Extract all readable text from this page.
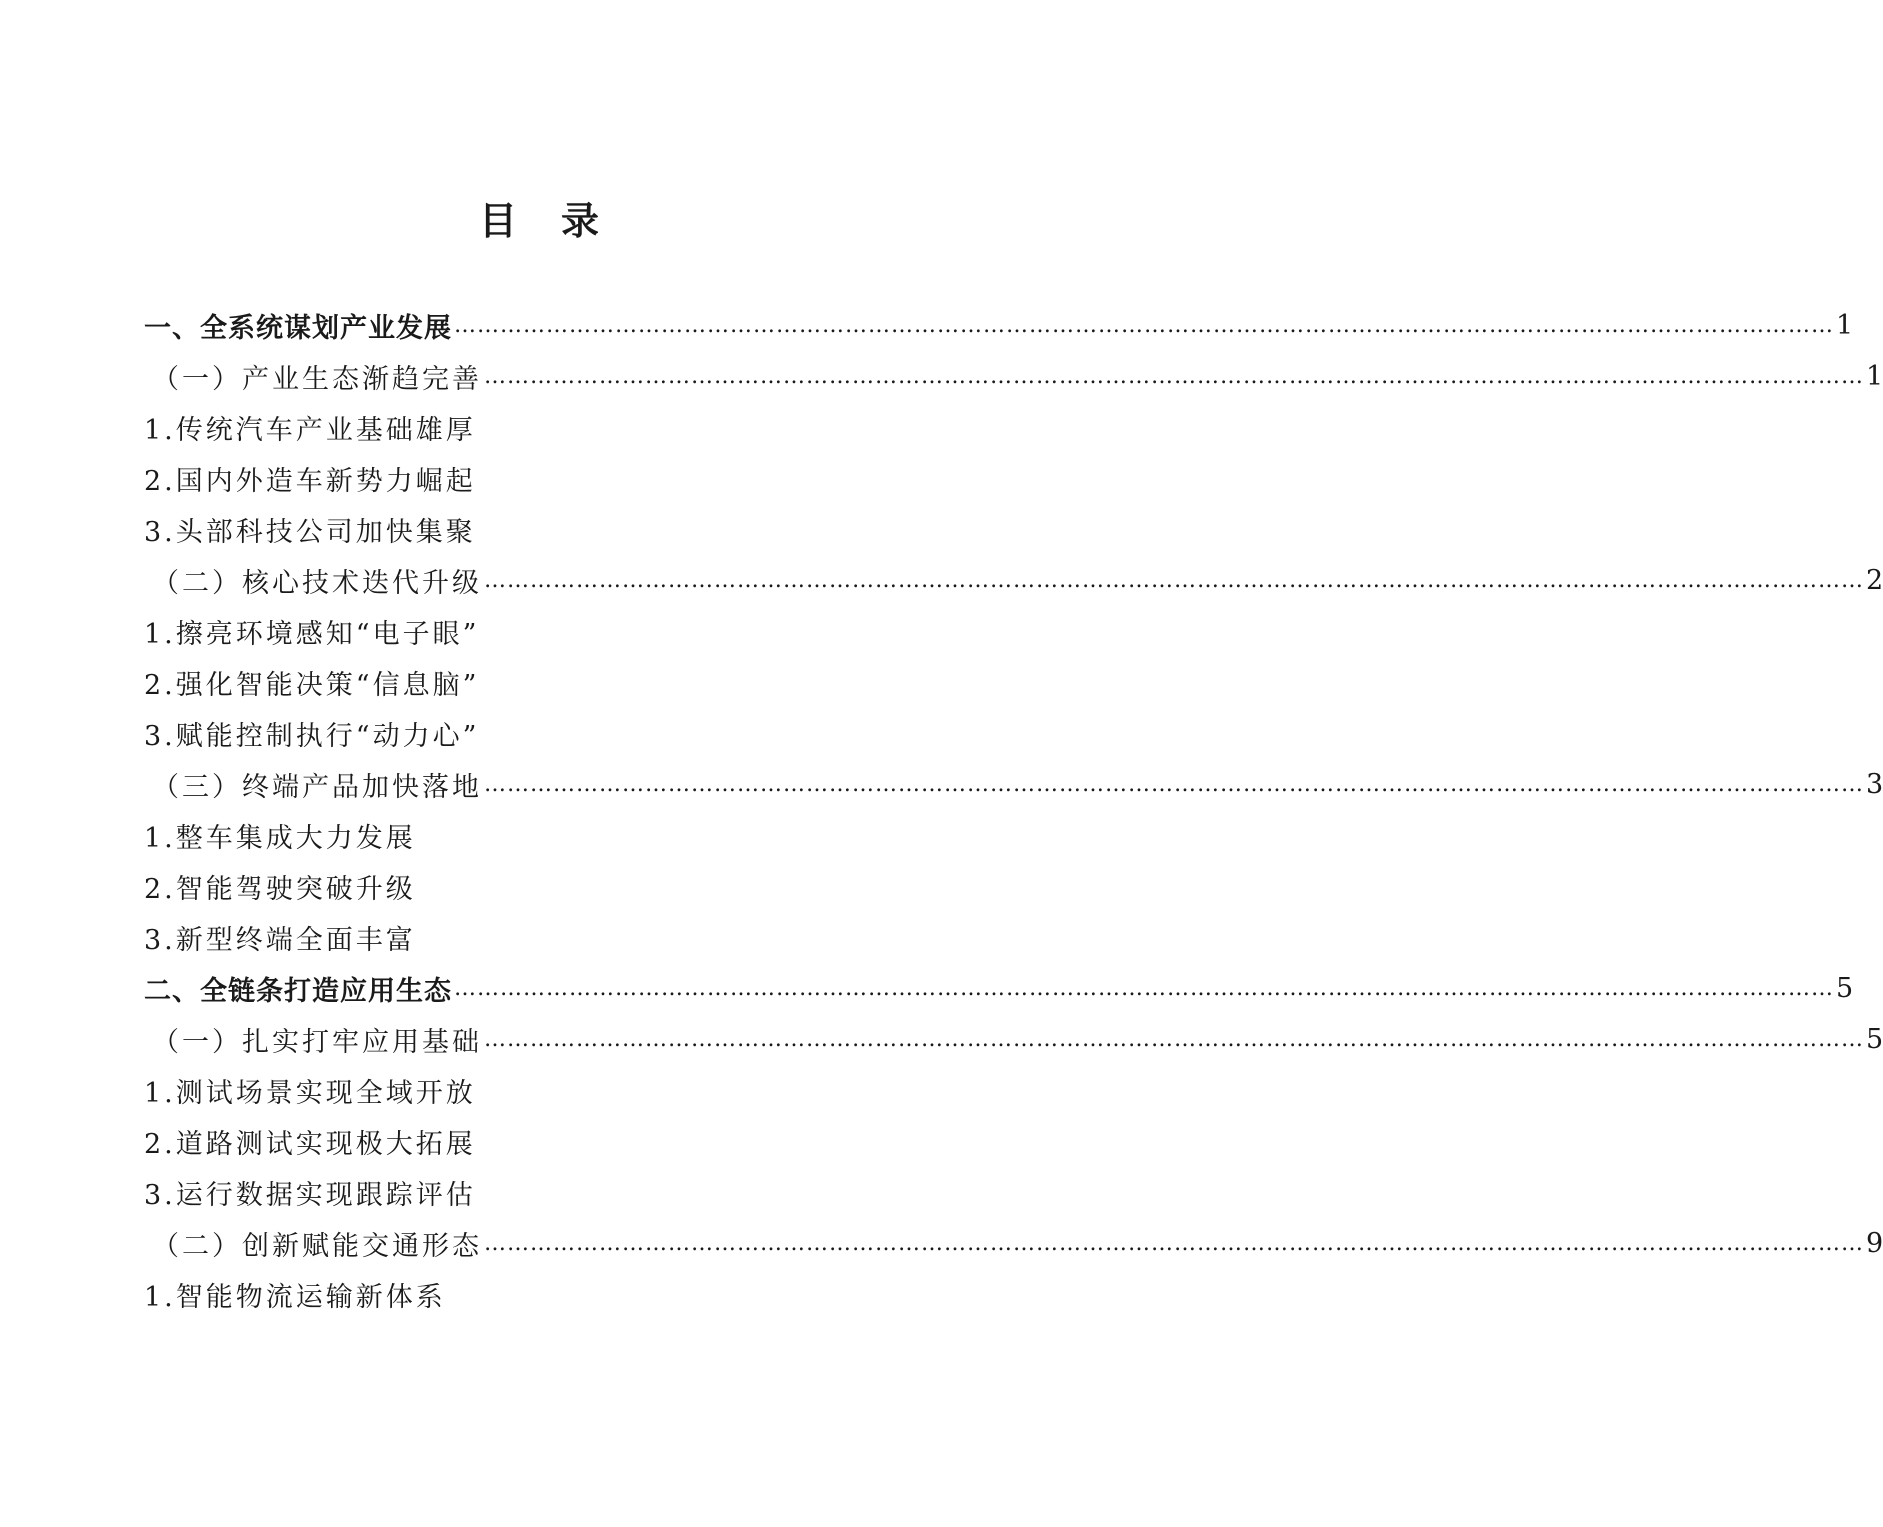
目 录
一、全系统谋划产业发展 ……………………………………………………………………………………………………………………………………………………………… 1
（一）产业生态渐趋完善 ……………………………………………………………………………………………………………………………………………………………… 1
1.传统汽车产业基础雄厚
2.国内外造车新势力崛起
3.头部科技公司加快集聚
（二）核心技术迭代升级 ……………………………………………………………………………………………………………………………………………………………… 2
1.擦亮环境感知“电子眼”
2.强化智能决策“信息脑”
3.赋能控制执行“动力心”
（三）终端产品加快落地 ……………………………………………………………………………………………………………………………………………………………… 3
1.整车集成大力发展
2.智能驾驶突破升级
3.新型终端全面丰富
二、全链条打造应用生态 ……………………………………………………………………………………………………………………………………………………………… 5
（一）扎实打牢应用基础 ……………………………………………………………………………………………………………………………………………………………… 5
1.测试场景实现全域开放
2.道路测试实现极大拓展
3.运行数据实现跟踪评估
（二）创新赋能交通形态 ……………………………………………………………………………………………………………………………………………………………… 9
1.智能物流运输新体系
